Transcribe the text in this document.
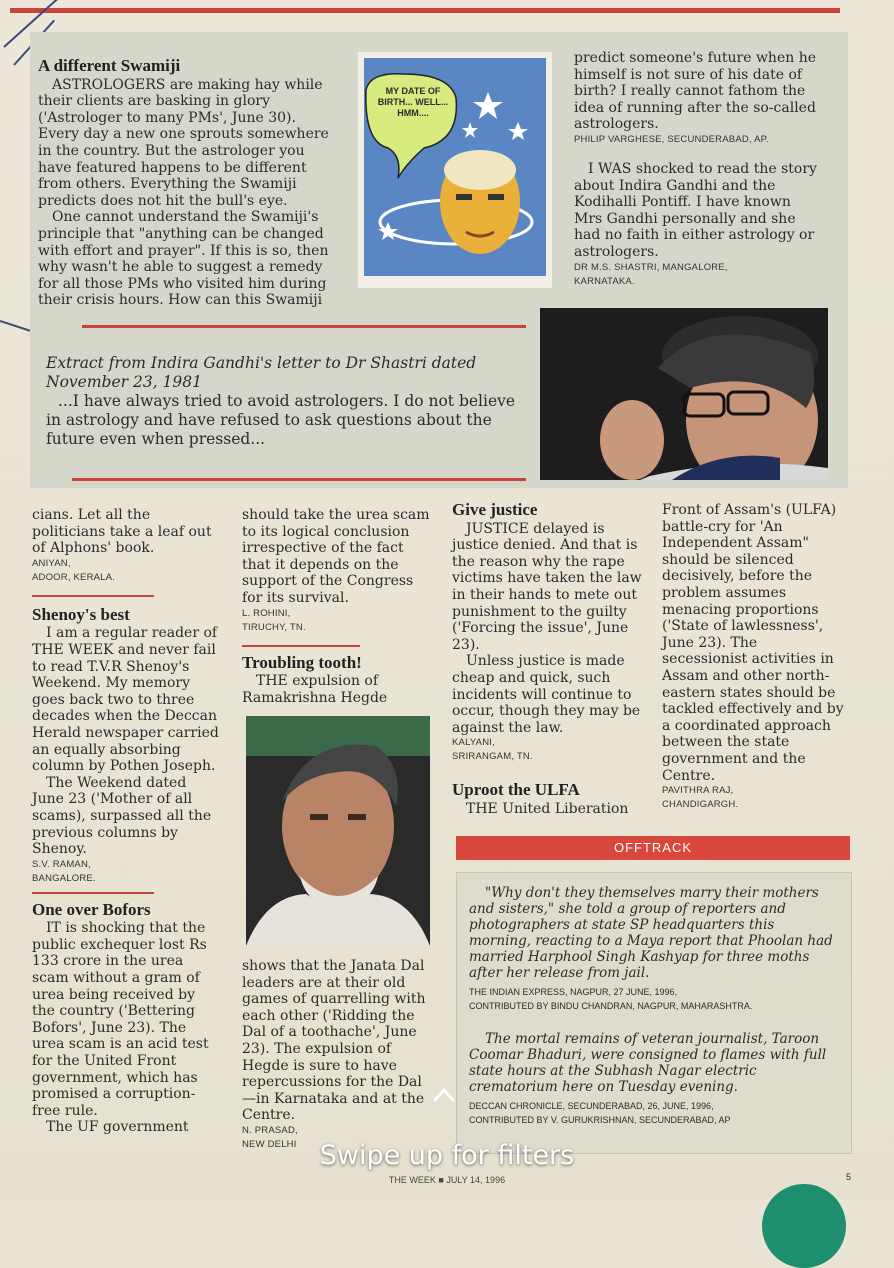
A different Swamiji

ASTROLOGERS are making hay while their clients are basking in glory ('Astrologer to many PMs', June 30). Every day a new one sprouts somewhere in the country. But the astrologer you have featured happens to be different from others. Everything the Swamiji predicts does not hit the bull's eye.

One cannot understand the Swamiji's principle that "anything can be changed with effort and prayer". If this is so, then why wasn't he able to suggest a remedy for all those PMs who visited him during their crisis hours. How can this Swamiji

MY DATE OF BIRTH... WELL... HMM....

predict someone's future when he himself is not sure of his date of birth? I really cannot fathom the idea of running after the so-called astrologers.

PHILIP VARGHESE, SECUNDERABAD, AP.

I WAS shocked to read the story about Indira Gandhi and the Kodihalli Pontiff. I have known Mrs Gandhi personally and she had no faith in either astrology or astrologers.

DR M.S. SHASTRI, MANGALORE,
KARNATAKA.
Extract from Indira Gandhi's letter to Dr Shastri dated November 23, 1981
...I have always tried to avoid astrologers. I do not believe in astrology and have refused to ask questions about the future even when pressed...

cians. Let all the politicians take a leaf out of Alphons' book.

ANIYAN,
ADOOR, KERALA.
Shenoy's best

I am a regular reader of THE WEEK and never fail to read T.V.R Shenoy's Weekend. My memory goes back two to three decades when the Deccan Herald newspaper carried an equally absorbing column by Pothen Joseph.

The Weekend dated June 23 ('Mother of all scams), surpassed all the previous columns by Shenoy.

S.V. RAMAN,
BANGALORE.
One over Bofors

IT is shocking that the public exchequer lost Rs 133 crore in the urea scam without a gram of urea being received by the country ('Bettering Bofors', June 23). The urea scam is an acid test for the United Front government, which has promised a corruption-free rule.

The UF government

should take the urea scam to its logical conclusion irrespective of the fact that it depends on the support of the Congress for its survival.

L. ROHINI,
TIRUCHY, TN.
Troubling tooth!

THE expulsion of Ramakrishna Hegde

shows that the Janata Dal leaders are at their old games of quarrelling with each other ('Ridding the Dal of a toothache', June 23). The expulsion of Hegde is sure to have repercussions for the Dal—in Karnataka and at the Centre.

N. PRASAD,
NEW DELHI
Give justice

JUSTICE delayed is justice denied. And that is the reason why the rape victims have taken the law in their hands to mete out punishment to the guilty ('Forcing the issue', June 23).

Unless justice is made cheap and quick, such incidents will continue to occur, though they may be against the law.

KALYANI,
SRIRANGAM, TN.
Uproot the ULFA

THE United Liberation

Front of Assam's (ULFA) battle-cry for 'An Independent Assam" should be silenced decisively, before the problem assumes menacing proportions ('State of lawlessness', June 23). The secessionist activities in Assam and other north-eastern states should be tackled effectively and by a coordinated approach between the state government and the Centre.

PAVITHRA RAJ,
CHANDIGARGH.
OFFTRACK

"Why don't they themselves marry their mothers and sisters," she told a group of reporters and photographers at state SP headquarters this morning, reacting to a Maya report that Phoolan had married Harphool Singh Kashyap for three moths after her release from jail.

THE INDIAN EXPRESS, NAGPUR, 27 JUNE, 1996,
CONTRIBUTED BY BINDU CHANDRAN, NAGPUR, MAHARASHTRA.

The mortal remains of veteran journalist, Taroon Coomar Bhaduri, were consigned to flames with full state hours at the Subhash Nagar electric crematorium here on Tuesday evening.

DECCAN CHRONICLE, SECUNDERABAD, 26, JUNE, 1996,
CONTRIBUTED BY V. GURUKRISHNAN, SECUNDERABAD, AP
THE WEEK ■ JULY 14, 1996	5
Swipe up for filters
